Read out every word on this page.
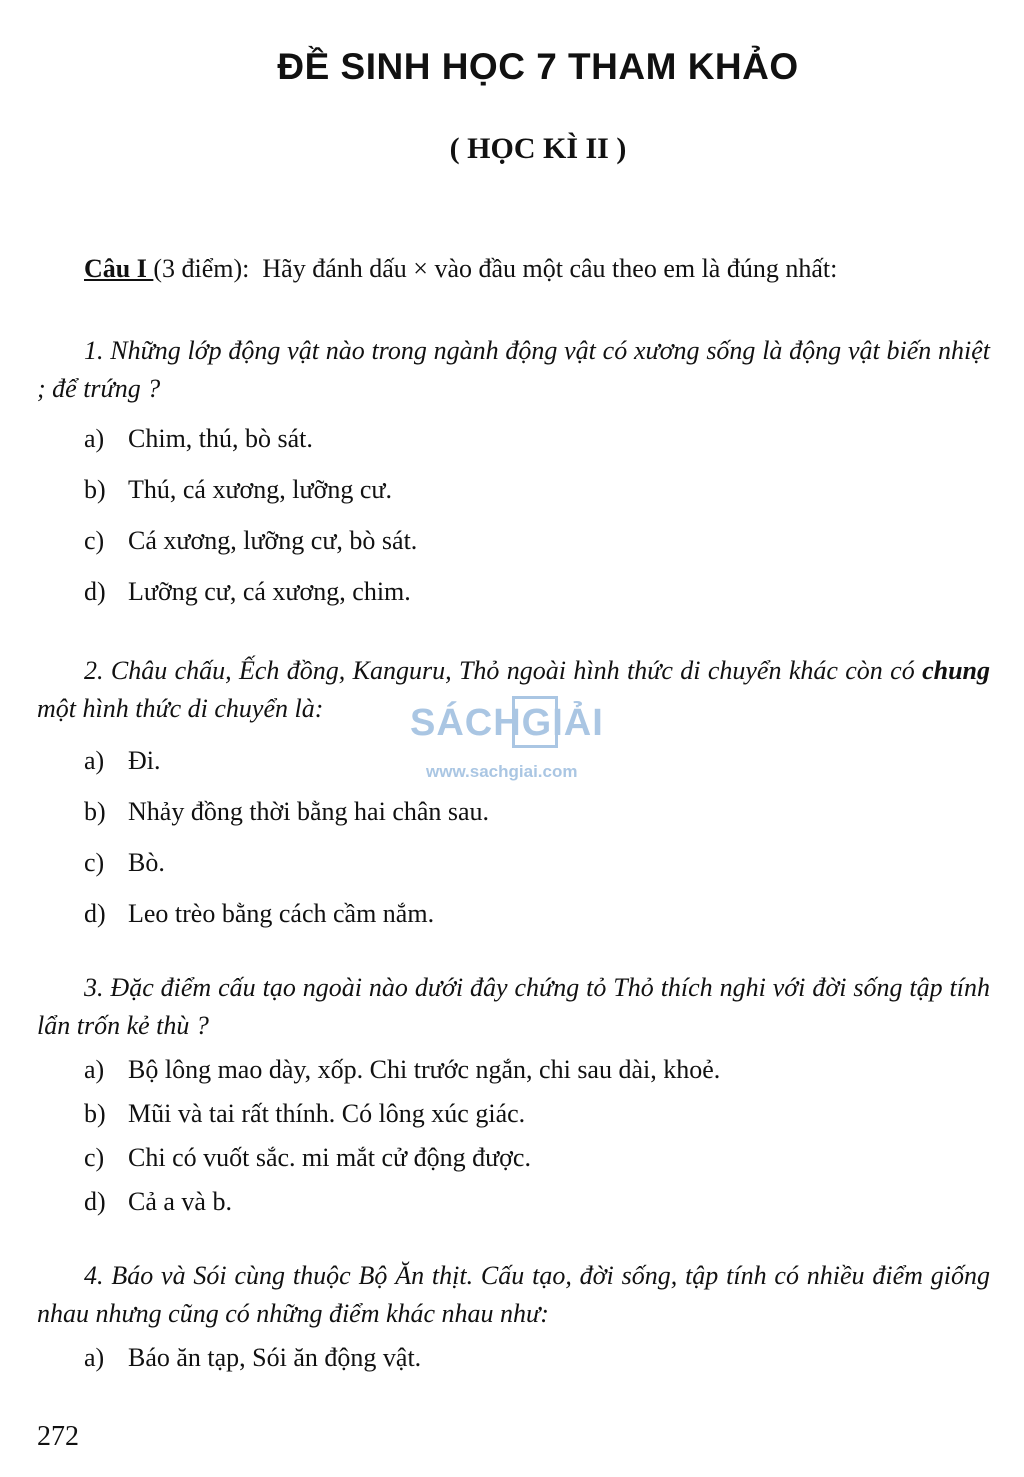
ĐỀ SINH HỌC 7 THAM KHẢO
( HỌC KÌ II )
Câu I (3 điểm): Hãy đánh dấu × vào đầu một câu theo em là đúng nhất:
1. Những lớp động vật nào trong ngành động vật có xương sống là động vật biến nhiệt ; để trứng ?
a) Chim, thú, bò sát.
b) Thú, cá xương, lưỡng cư.
c) Cá xương, lưỡng cư, bò sát.
d) Lưỡng cư, cá xương, chim.
2. Châu chấu, Ếch đồng, Kanguru, Thỏ ngoài hình thức di chuyển khác còn có chung một hình thức di chuyển là:
a) Đi.
b) Nhảy đồng thời bằng hai chân sau.
c) Bò.
d) Leo trèo bằng cách cầm nắm.
3. Đặc điểm cấu tạo ngoài nào dưới đây chứng tỏ Thỏ thích nghi với đời sống tập tính lẩn trốn kẻ thù ?
a) Bộ lông mao dày, xốp. Chi trước ngắn, chi sau dài, khoẻ.
b) Mũi và tai rất thính. Có lông xúc giác.
c) Chi có vuốt sắc. mi mắt cử động được.
d) Cả a và b.
4. Báo và Sói cùng thuộc Bộ Ăn thịt. Cấu tạo, đời sống, tập tính có nhiều điểm giống nhau nhưng cũng có những điểm khác nhau như:
a) Báo ăn tạp, Sói ăn động vật.
SÁCHGIẢI
www.sachgiai.com
272
